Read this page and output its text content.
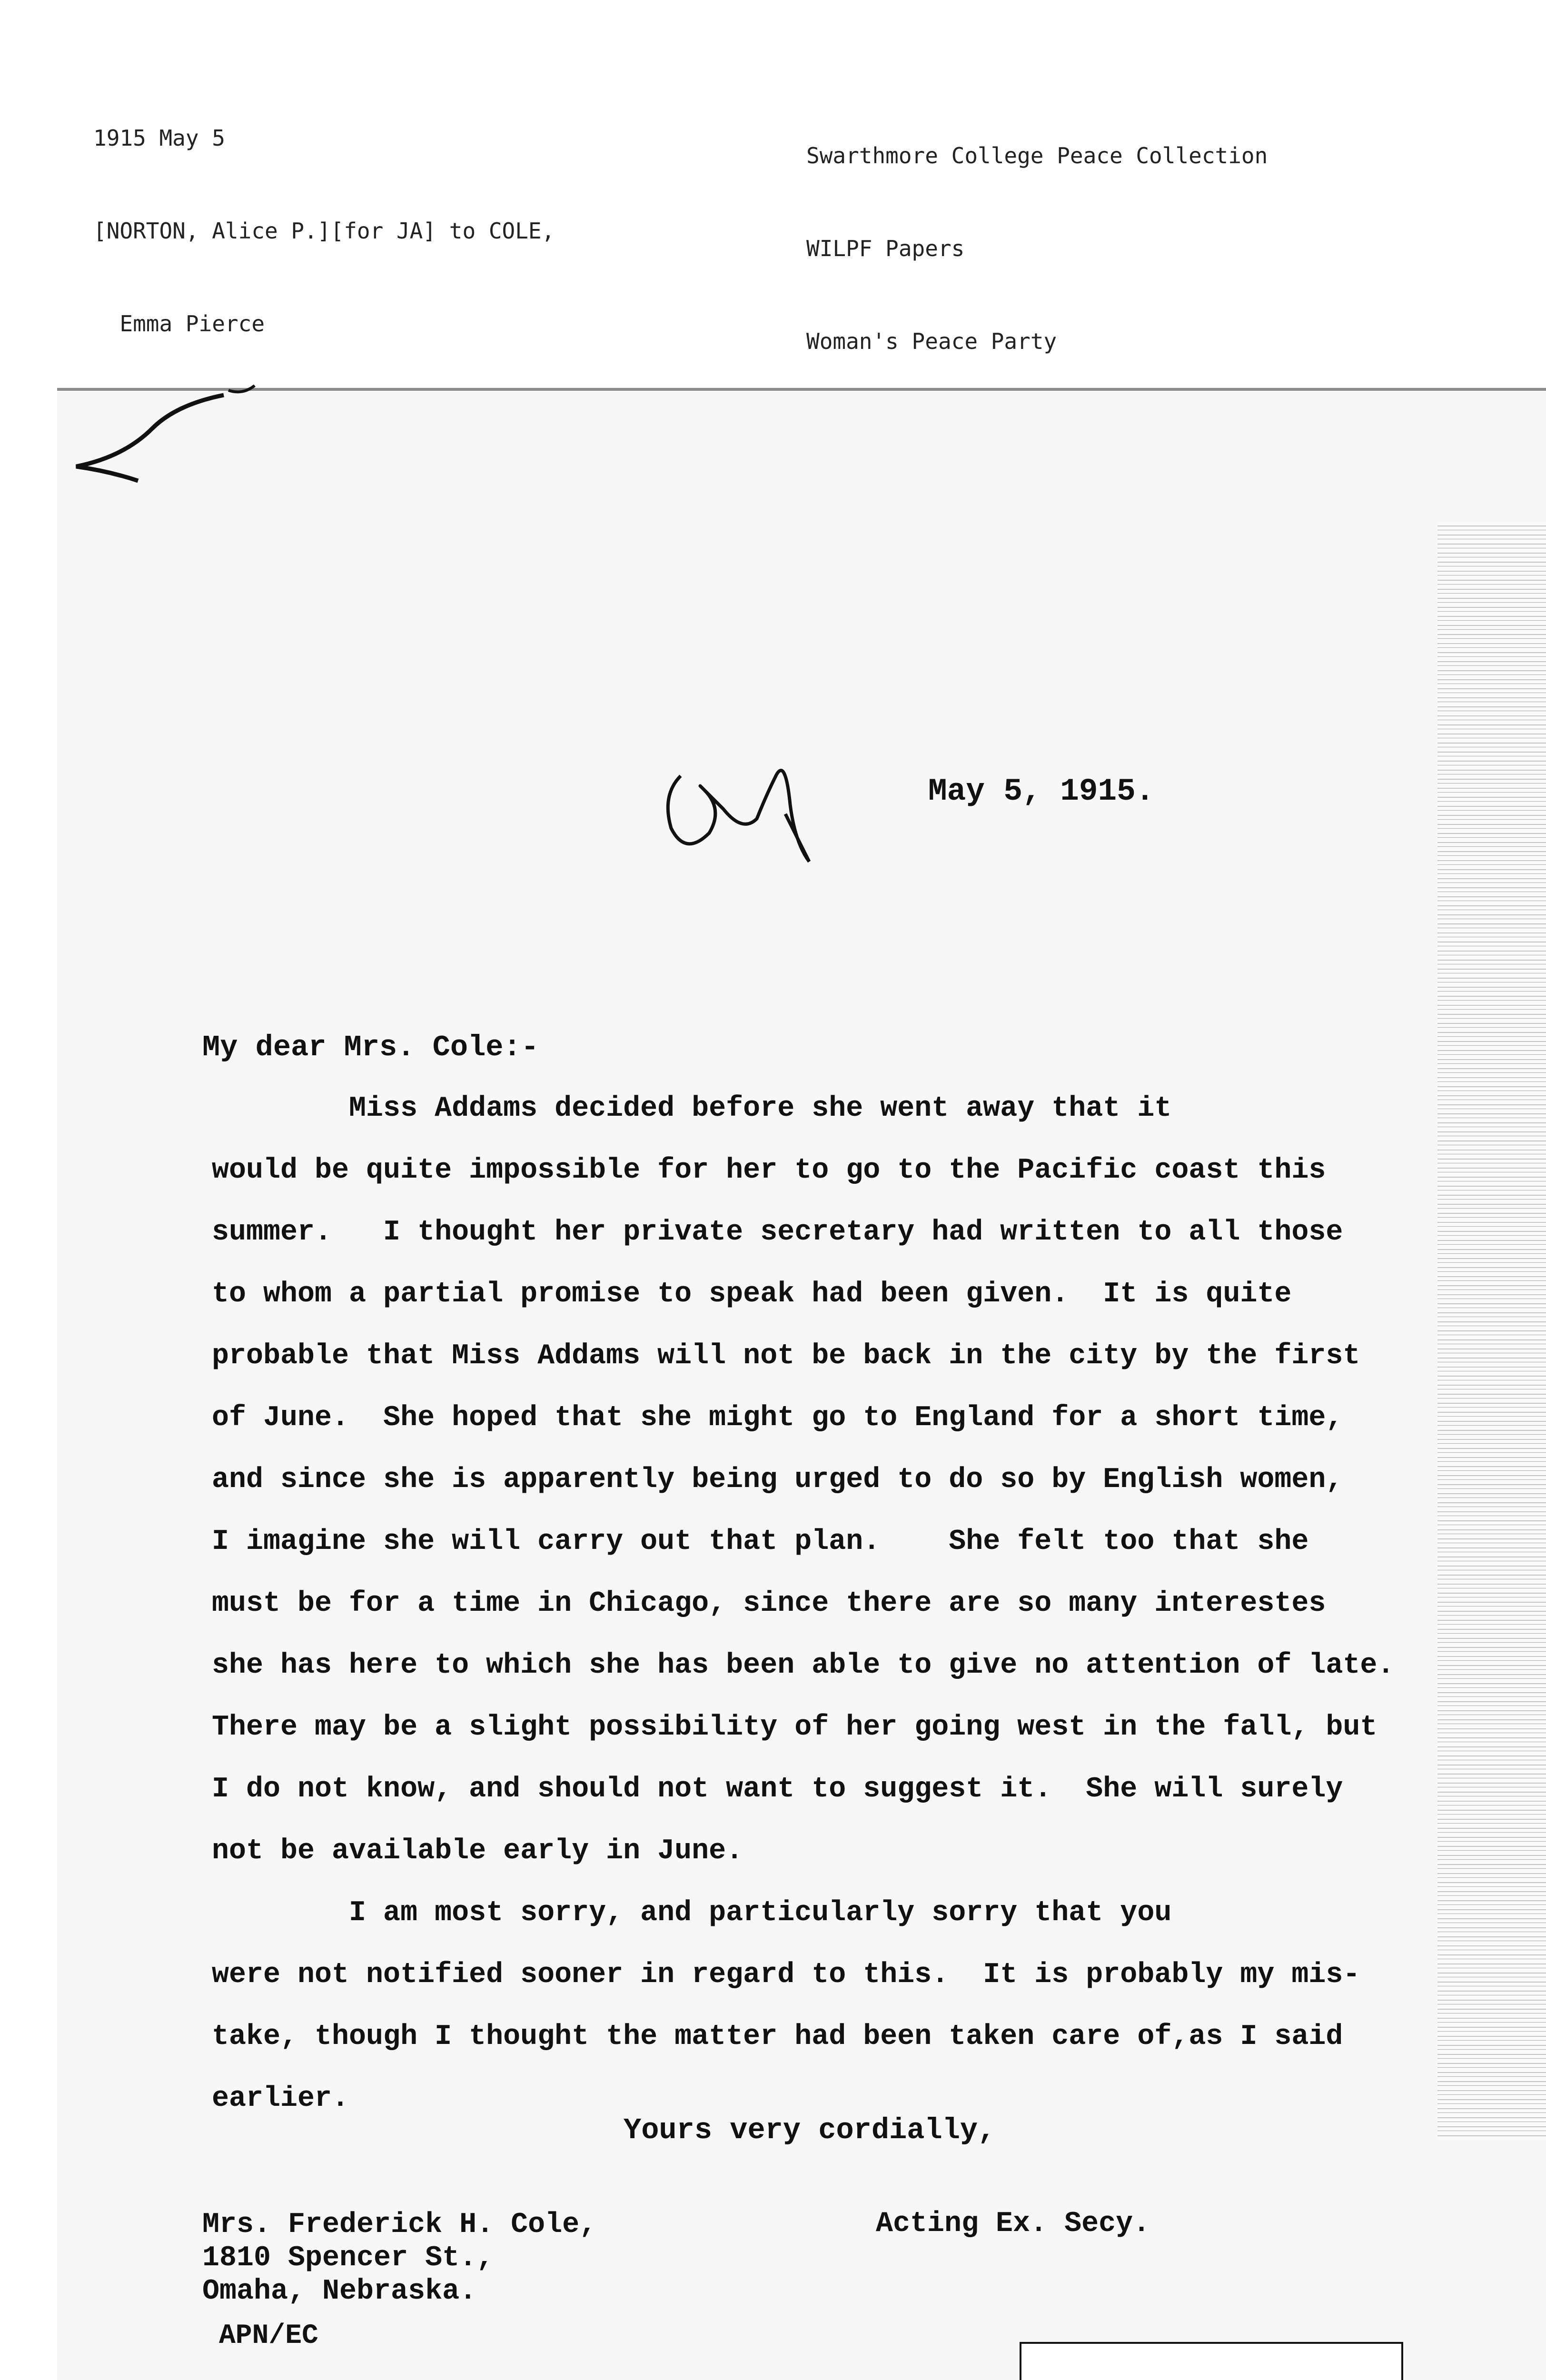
1915 May 5

[NORTON, Alice P.][for JA] to COLE,

Emma Pierce

Swarthmore College Peace Collection

WILPF Papers

Woman's Peace Party

May 5, 1915.
My dear Mrs. Cole:-
Miss Addams decided before she went away that it
would be quite impossible for her to go to the Pacific coast this
summer.   I thought her private secretary had written to all those
to whom a partial promise to speak had been given.  It is quite
probable that Miss Addams will not be back in the city by the first
of June.  She hoped that she might go to England for a short time,
and since she is apparently being urged to do so by English women,
I imagine she will carry out that plan.    She felt too that she
must be for a time in Chicago, since there are so many interestes
she has here to which she has been able to give no attention of late.
There may be a slight possibility of her going west in the fall, but
I do not know, and should not want to suggest it.  She will surely
not be available early in June.
I am most sorry, and particularly sorry that you
were not notified sooner in regard to this.  It is probably my mis-
take, though I thought the matter had been taken care of,as I said
earlier.
Yours very cordially,
Mrs. Frederick H. Cole,
1810 Spencer St.,
Omaha, Nebraska.
Acting Ex. Secy.
APN/EC
